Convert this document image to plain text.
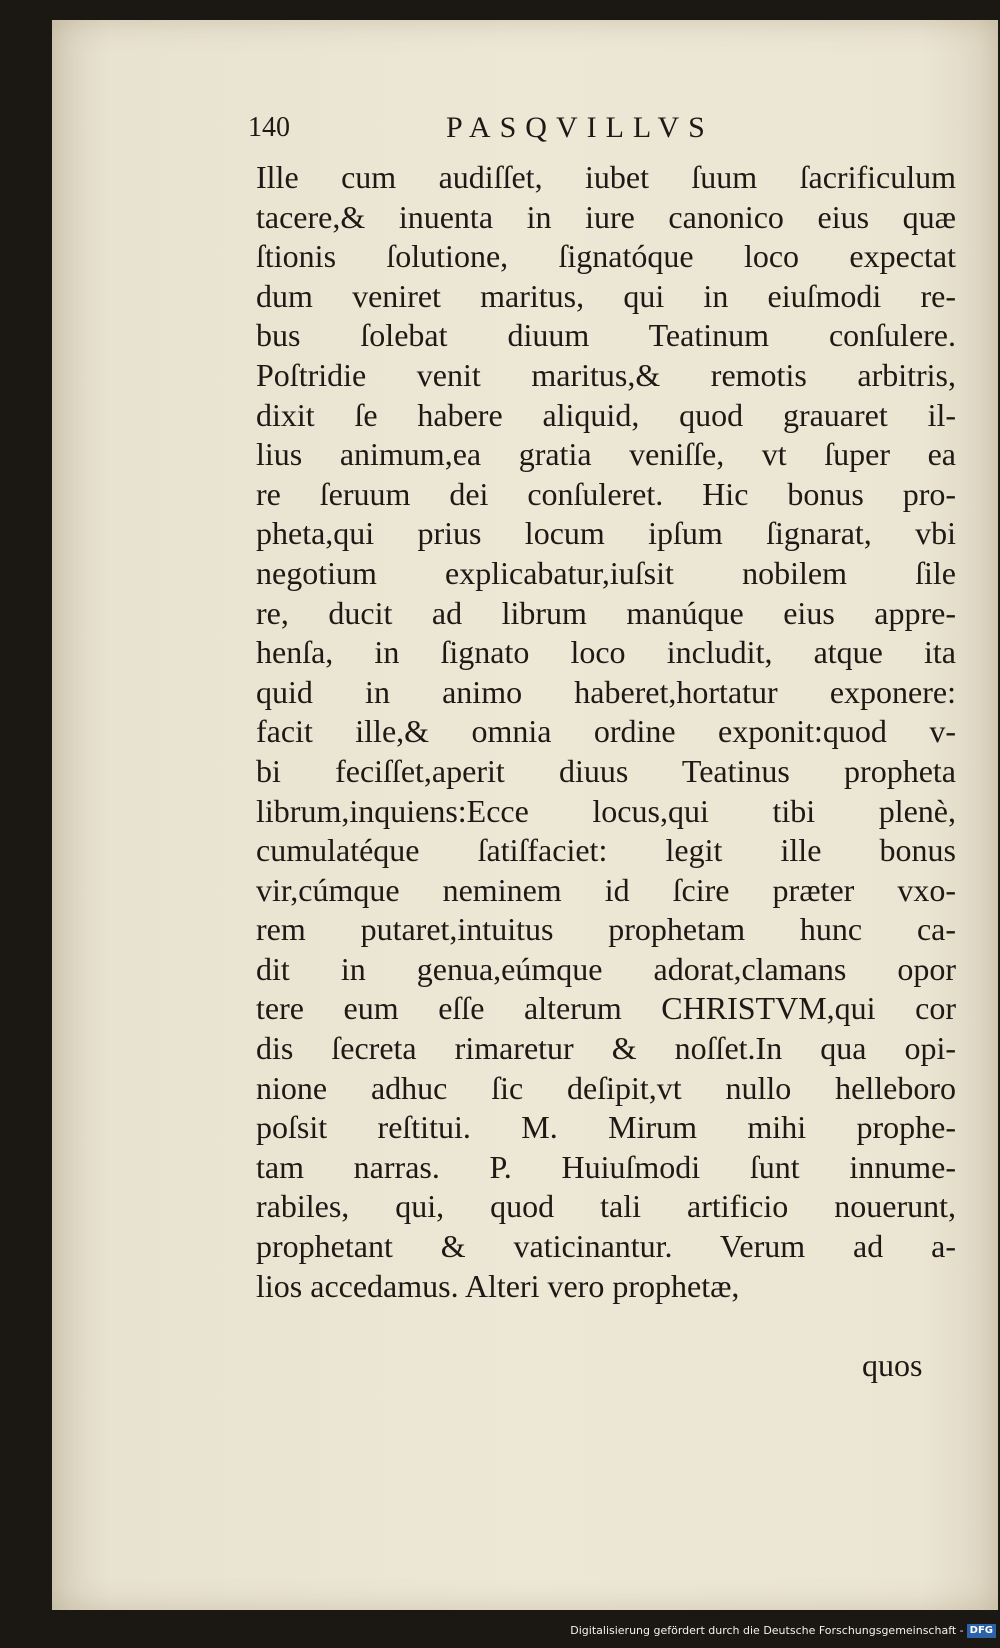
140	PASQVILLVS
Ille cum audiſſet, iubet ſuum ſacrificulum
tacere,& inuenta in iure canonico eius quæ
ſtionis ſolutione, ſignatóque loco expectat
dum veniret maritus, qui in eiuſmodi re-
bus ſolebat diuum Teatinum conſulere.
Poſtridie venit maritus,& remotis arbitris,
dixit ſe habere aliquid, quod grauaret il-
lius animum,ea gratia veniſſe, vt ſuper ea
re ſeruum dei conſuleret. Hic bonus pro-
pheta,qui prius locum ipſum ſignarat, vbi
negotium explicabatur,iuſsit nobilem ſile
re, ducit ad librum manúque eius appre-
henſa, in ſignato loco includit, atque ita
quid in animo haberet,hortatur exponere:
facit ille,& omnia ordine exponit:quod v-
bi feciſſet,aperit diuus Teatinus propheta
librum,inquiens:Ecce locus,qui tibi plenè,
cumulatéque ſatiſfaciet: legit ille bonus
vir,cúmque neminem id ſcire præter vxo-
rem putaret,intuitus prophetam hunc ca-
dit in genua,eúmque adorat,clamans opor
tere eum eſſe alterum CHRISTVM,qui cor
dis ſecreta rimaretur & noſſet.In qua opi-
nione adhuc ſic deſipit,vt nullo helleboro
poſsit reſtitui. M. Mirum mihi prophe-
tam narras. P. Huiuſmodi ſunt innume-
rabiles, qui, quod tali artificio nouerunt,
prophetant & vaticinantur. Verum ad a-
lios accedamus. Alteri vero prophetæ,
quos
Digitalisierung gefördert durch die Deutsche Forschungsgemeinschaft - DFG
